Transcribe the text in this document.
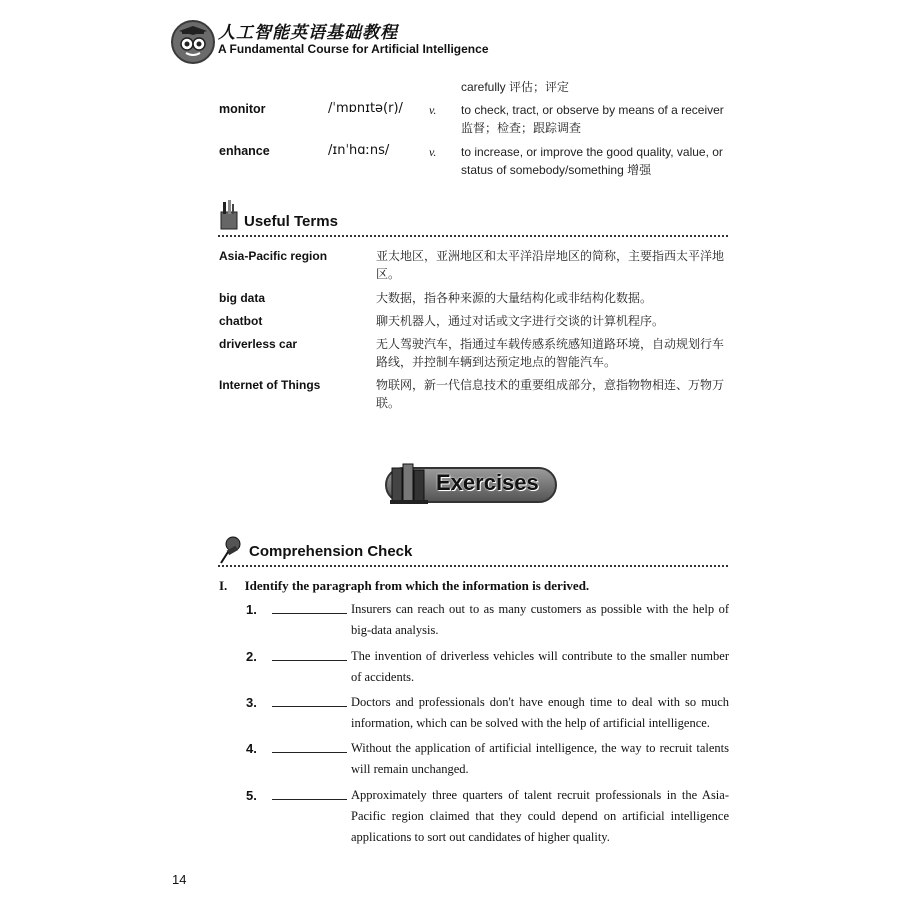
人工智能英语基础教程
A Fundamental Course for Artificial Intelligence
carefully 评估；评定
monitor	/ˈmɒnɪtə(r)/ v. to check, tract, or observe by means of a receiver 监督；检查；跟踪调查
enhance	/ɪnˈhɑːns/	v. to increase, or improve the good quality, value, or status of somebody/something 增强
Useful Terms
Asia-Pacific region	亚太地区，亚洲地区和太平洋沿岸地区的简称，主要指西太平洋地区。
big data	大数据，指各种来源的大量结构化或非结构化数据。
chatbot	聊天机器人，通过对话或文字进行交谈的计算机程序。
driverless car	无人驾驶汽车，指通过车载传感系统感知道路环境，自动规划行车路线，并控制车辆到达预定地点的智能汽车。
Internet of Things	物联网，新一代信息技术的重要组成部分，意指物物相连、万物万联。
Exercises
Comprehension Check
I. Identify the paragraph from which the information is derived.
1.	Insurers can reach out to as many customers as possible with the help of big-data analysis.
2.	The invention of driverless vehicles will contribute to the smaller number of accidents.
3.	Doctors and professionals don't have enough time to deal with so much information, which can be solved with the help of artificial intelligence.
4.	Without the application of artificial intelligence, the way to recruit talents will remain unchanged.
5.	Approximately three quarters of talent recruit professionals in the Asia-Pacific region claimed that they could depend on artificial intelligence applications to sort out candidates of higher quality.
14
